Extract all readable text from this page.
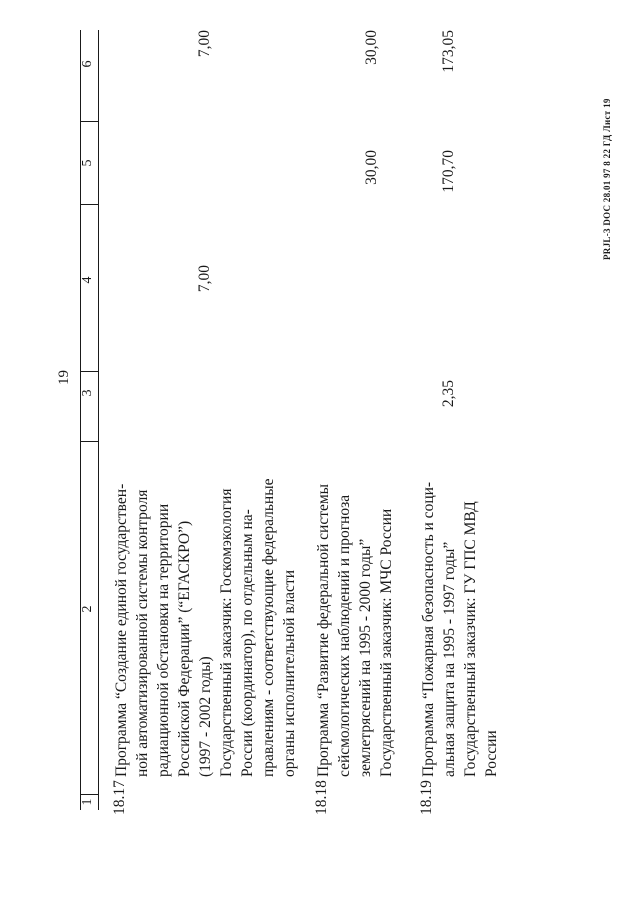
19
PRJL-3 DOC 28.01 97 8 22 ГД Лист 19
1
2
3
4
5
6
18.17
Программа “Создание единой государствен- ной автоматизированной системы контроля радиационной обстановки на территории Российской Федерации” (“ЕГАСКРО”) (1997 - 2002 годы) Государственный заказчик: Госкомэкология России (координатор), по отдельным на- правлениям - соответствующие федеральные органы исполнительной власти
7,00
7,00
18.18
Программа “Развитие федеральной системы сейсмологических наблюдений и прогноза землетрясений на 1995 - 2000 годы” Государственный заказчик: МЧС России
30,00
30,00
18.19
Программа “Пожарная безопасность и соци- альная защита на 1995 - 1997 годы” Государственный заказчик: ГУ ГПС МВД России
2,35
170,70
173,05
